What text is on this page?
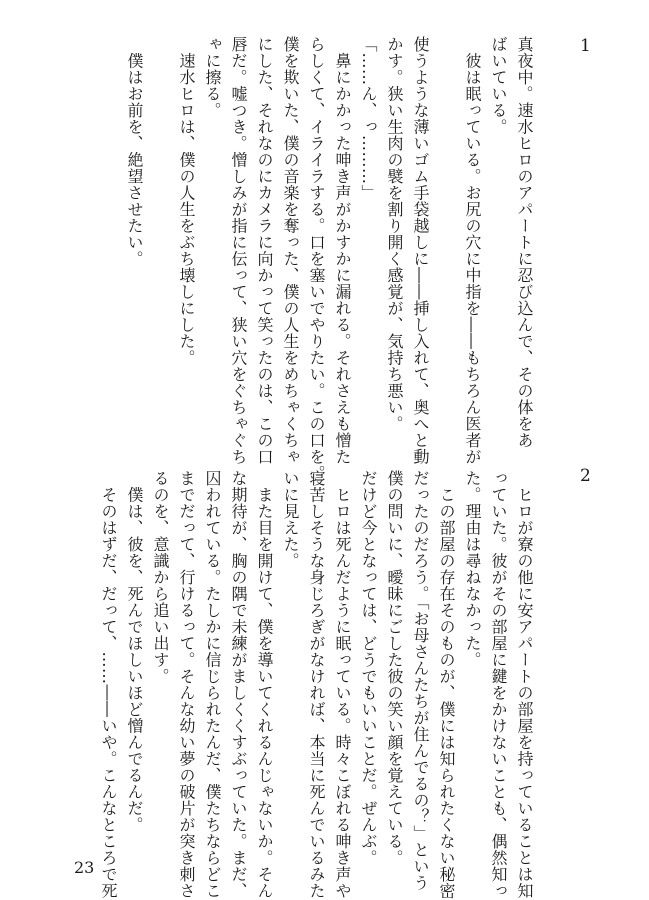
1

真夜中。速水ヒロのアパートに忍び込んで、その体をあ

ばいている。

　彼は眠っている。お尻の穴に中指を――もちろん医者が

使うような薄いゴム手袋越しに――挿し入れて、奥へと動

かす。狭い生肉の襞を割り開く感覚が、気持ち悪い。

「……ん、っ………」

　鼻にかかった呻き声がかすかに漏れる。それさえも憎た

らしくて、イライラする。口を塞いでやりたい。この口を。

僕を欺いた、僕の音楽を奪った、僕の人生をめちゃくちゃ

にした、それなのにカメラに向かって笑ったのは、この口

唇だ。嘘つき。憎しみが指に伝って、狭い穴をぐちゃぐち

ゃに擦る。

　速水ヒロは、僕の人生をぶち壊しにした。

　僕はお前を、絶望させたい。

2

　ヒロが寮の他に安アパートの部屋を持っていることは知

っていた。彼がその部屋に鍵をかけないことも、偶然知っ

た。理由は尋ねなかった。

　この部屋の存在そのものが、僕には知られたくない秘密

だったのだろう。「お母さんたちが住んでるの？」という

僕の問いに、曖昧にごした彼の笑い顔を覚えている。

だけど今となっては、どうでもいいことだ。ぜんぶ。

　ヒロは死んだように眠っている。時々こぼれる呻き声や

寝苦しそうな身じろぎがなければ、本当に死んでいるみた

いに見えた。

　また目を開けて、僕を導いてくれるんじゃないか。そん

な期待が、胸の隅で未練がましくくすぶっていた。まだ、

囚われている。たしかに信じられたんだ、僕たちならどこ

までだって、行けるって。そんな幼い夢の破片が突き刺さ

るのを、意識から追い出す。

　僕は、彼を、死んでほしいほど憎んでるんだ。

　そのはずだ、だって、……――いや。こんなところで死

23
